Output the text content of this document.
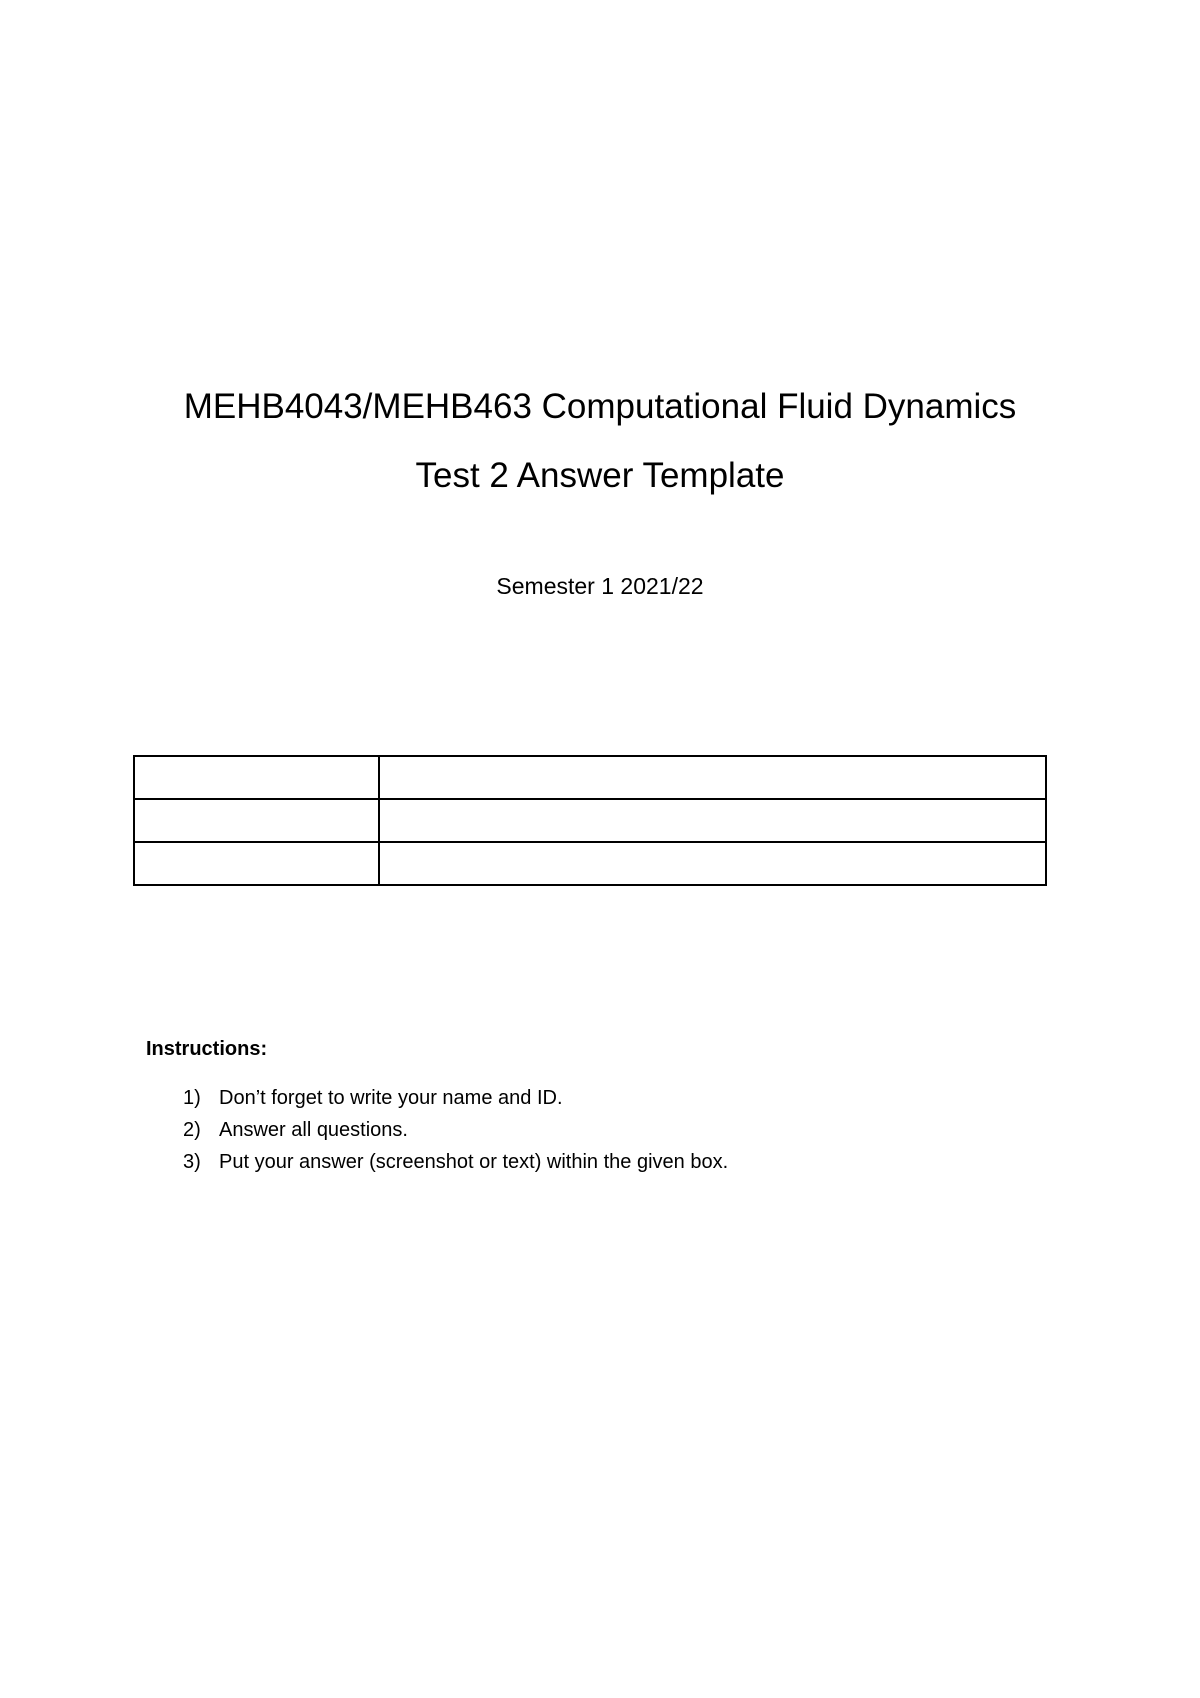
MEHB4043/MEHB463 Computational Fluid Dynamics
Test 2 Answer Template
Semester 1 2021/22

Instructions:
1) Don’t forget to write your name and ID.
2) Answer all questions.
3) Put your answer (screenshot or text) within the given box.
